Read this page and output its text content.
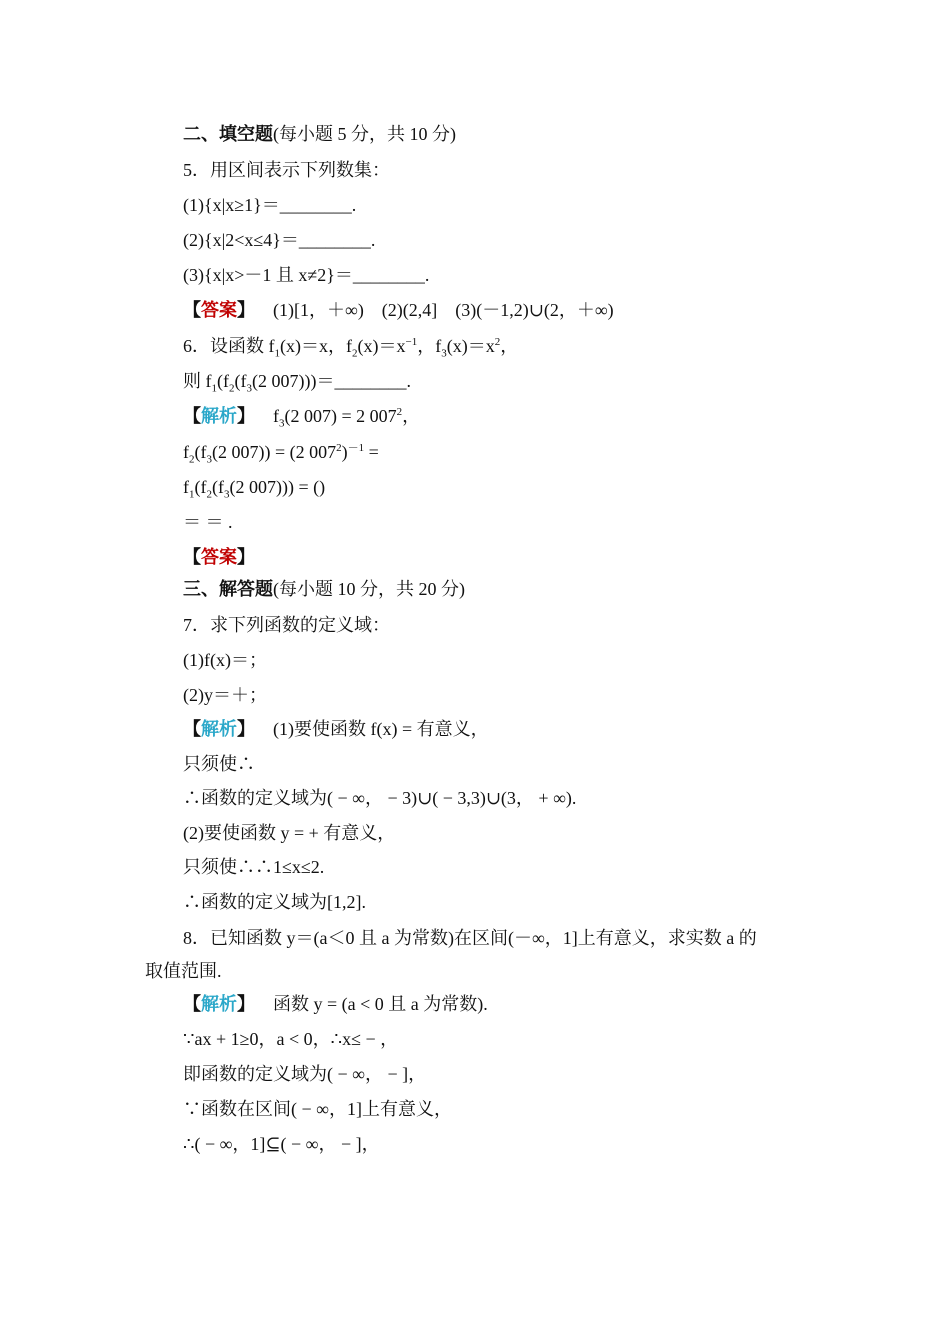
二、填空题(每小题 5 分，共 10 分)
5．用区间表示下列数集：
(1){x|x≥1}＝________.
(2){x|2<x≤4}＝________.
(3){x|x>－1 且 x≠2}＝________.
【答案】 (1)[1，＋∞)　(2)(2,4]　(3)(－1,2)∪(2，＋∞)
6．设函数 $f_1(x)=x$，$f_2(x)=x^{-1}$，$f_3(x)=x^2$，
则 $f_1(f_2(f_3(2$ 007)))＝________.
【解析】 $f_3(2$ 007) = 2 $007^2$，
$f_2(f_3(2$ 007)) = (2 $007^2)^{-1}$ =
$f_1(f_2(f_3(2$ 007))) = ()
＝ ＝ .
【答案】
三、解答题(每小题 10 分，共 20 分)
7．求下列函数的定义域：
(1)f(x)＝；
(2)y＝＋；
【解析】 (1)要使函数 f(x) = 有意义，
只须使∴
∴函数的定义域为( − ∞， − 3)∪( − 3,3)∪(3， + ∞).
(2)要使函数 y = + 有意义，
只须使∴∴1≤x≤2.
∴函数的定义域为[1,2].
8．已知函数 y＝(a＜0 且 a 为常数)在区间(－∞，1]上有意义，求实数 a 的
取值范围.
【解析】 函数 y = (a < 0 且 a 为常数).
∵ax + 1≥0，a < 0，∴x≤ − ，
即函数的定义域为( − ∞， − ]，
∵函数在区间( − ∞，1]上有意义，
∴( − ∞，1]⊆( − ∞， − ]，
